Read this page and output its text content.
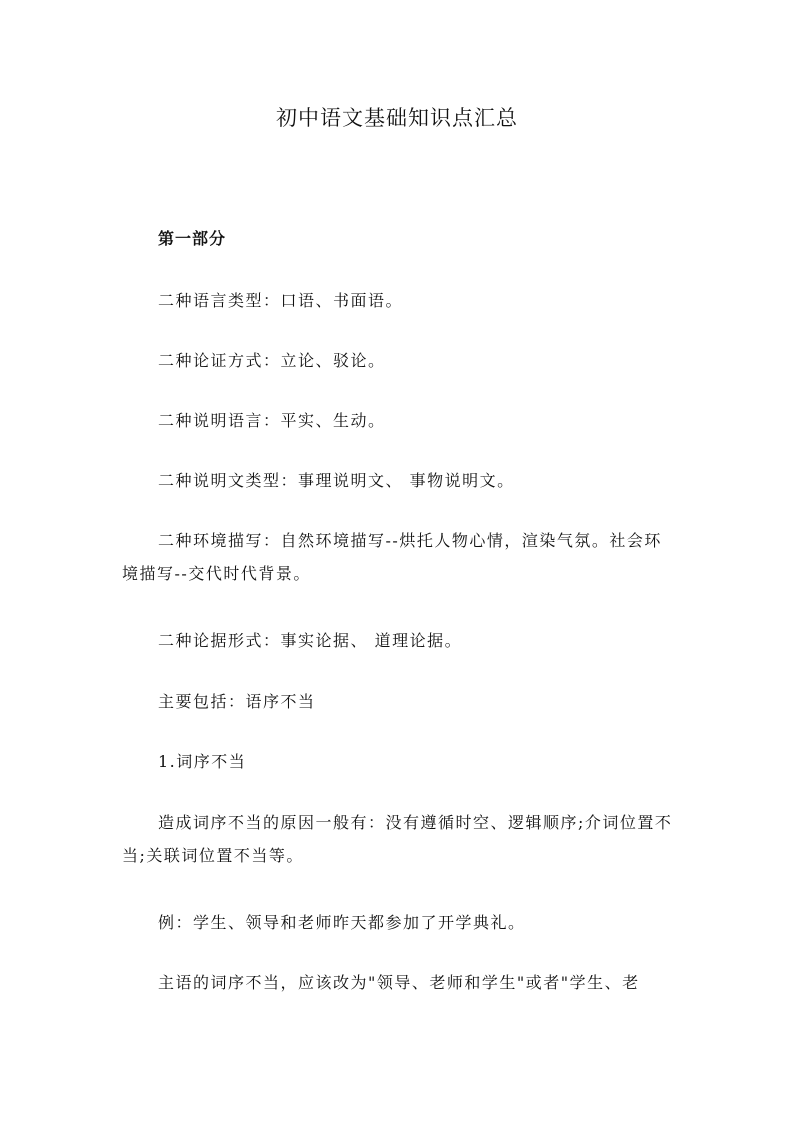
初中语文基础知识点汇总

第一部分

二种语言类型：口语、书面语。

二种论证方式：立论、驳论。

二种说明语言：平实、生动。

二种说明文类型：事理说明文、 事物说明文。

二种环境描写：自然环境描写--烘托人物心情，渲染气氛。社会环境描写--交代时代背景。

二种论据形式：事实论据、 道理论据。

主要包括：语序不当

1.词序不当

造成词序不当的原因一般有：没有遵循时空、逻辑顺序;介词位置不当;关联词位置不当等。

例：学生、领导和老师昨天都参加了开学典礼。

主语的词序不当，应该改为"领导、老师和学生"或者"学生、老
